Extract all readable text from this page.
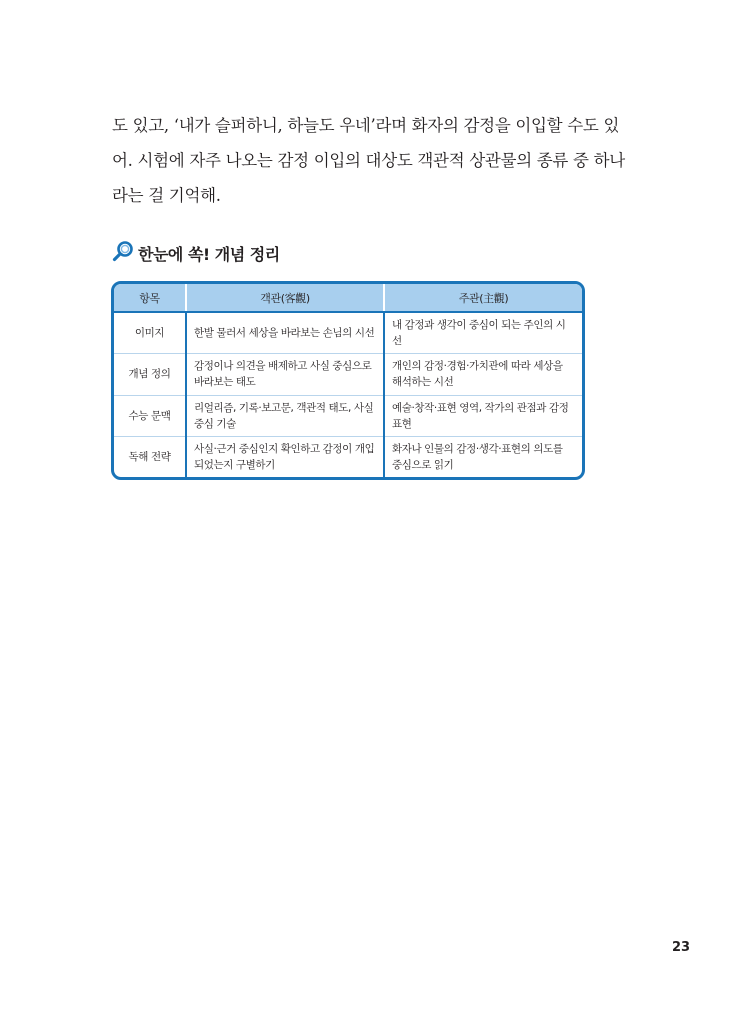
도 있고, ‘내가 슬퍼하니, 하늘도 우네’라며 화자의 감정을 이입할 수도 있
어. 시험에 자주 나오는 감정 이입의 대상도 객관적 상관물의 종류 중 하나
라는 걸 기억해.
한눈에 쏙! 개념 정리
항목	객관(客觀)	주관(主觀)
이미지	한발 물러서 세상을 바라보는 손님의 시선	내 감정과 생각이 중심이 되는 주인의 시선
개념 정의	감정이나 의견을 배제하고 사실 중심으로 바라보는 태도	개인의 감정·경험·가치관에 따라 세상을 해석하는 시선
수능 문맥	리얼리즘, 기록·보고문, 객관적 태도, 사실 중심 기술	예술·창작·표현 영역, 작가의 관점과 감정 표현
독해 전략	사실·근거 중심인지 확인하고 감정이 개입되었는지 구별하기	화자나 인물의 감정·생각·표현의 의도를 중심으로 읽기
23
